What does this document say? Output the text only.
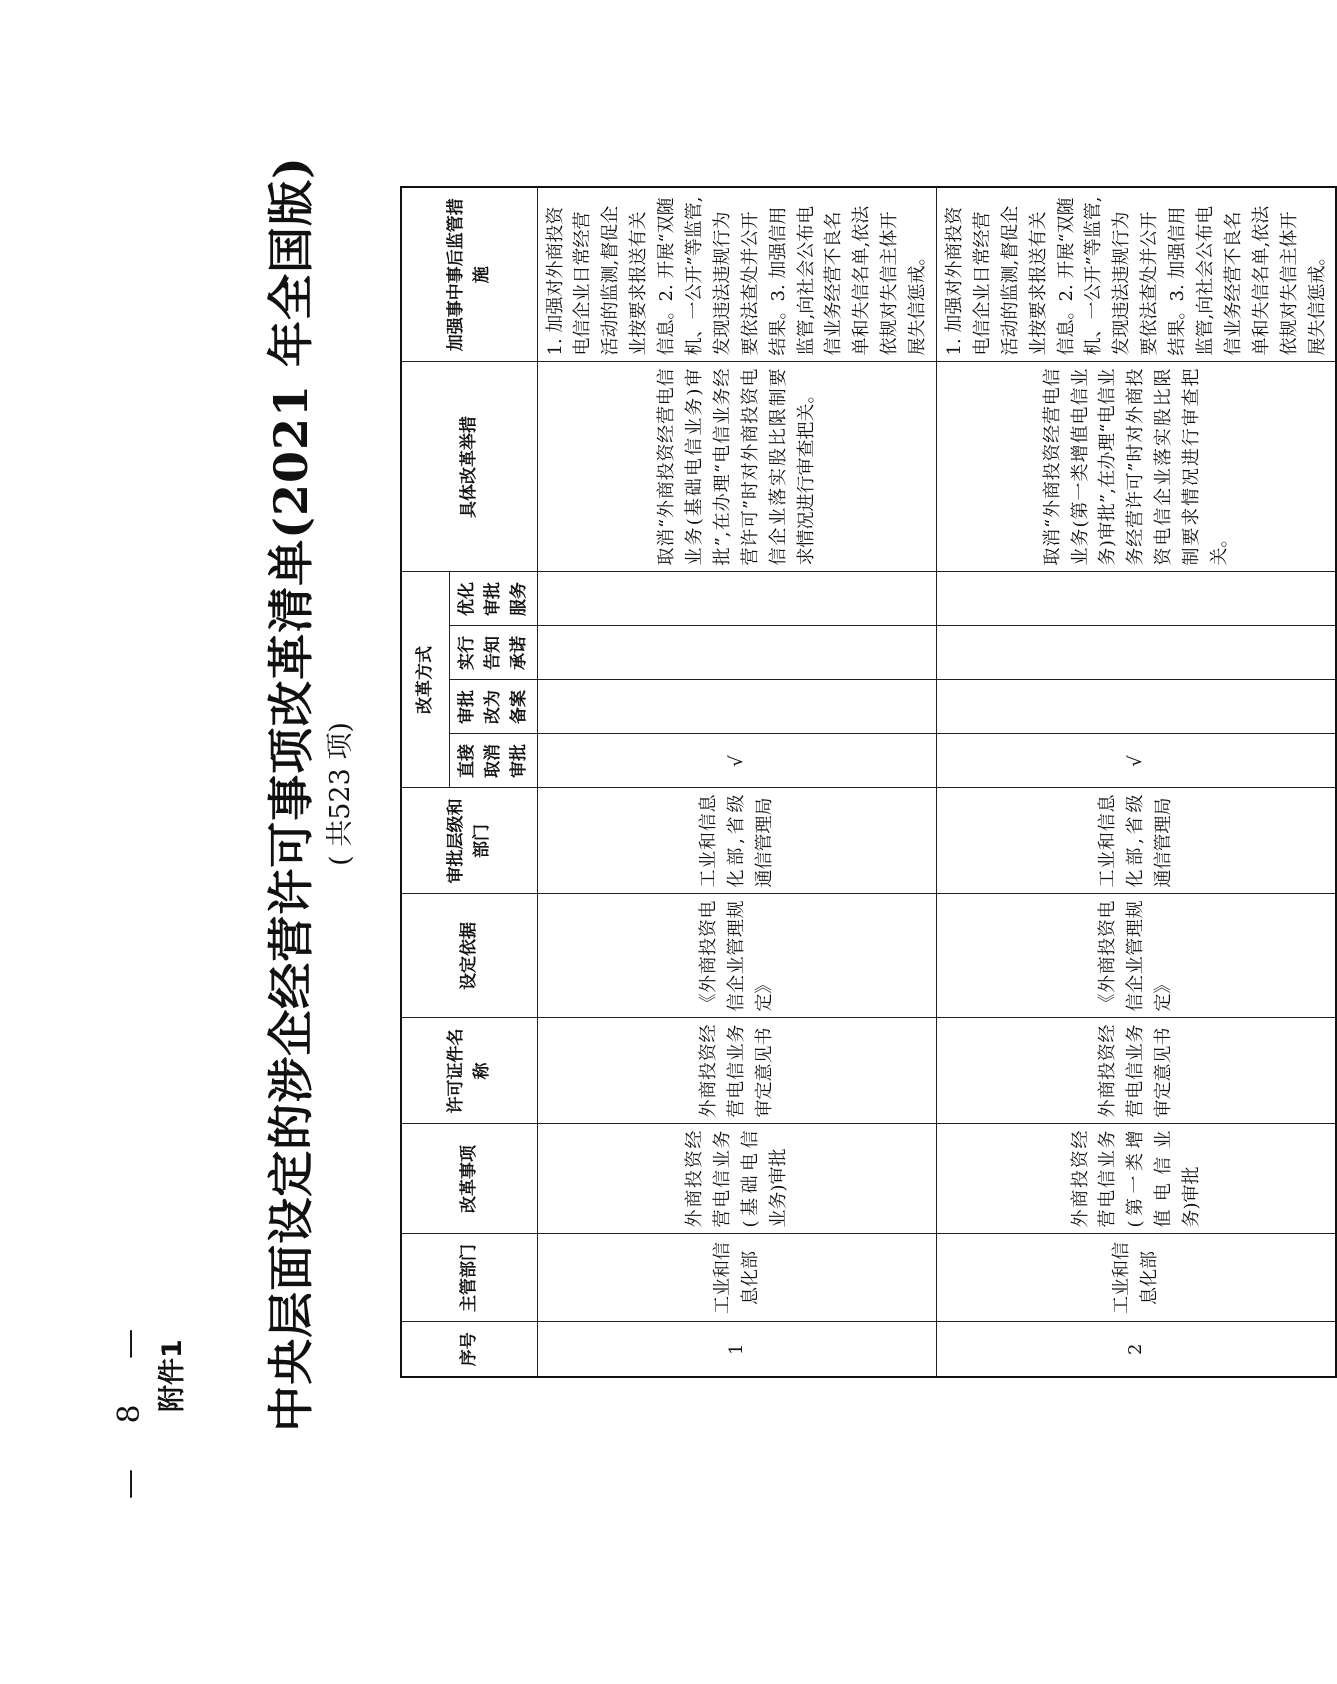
— 8 — 附件1 中央层面设定的涉企经营许可事项改革清单(2021 年全国版) ( 共523 项)
序号	主管部门	改革事项	许可证件名称	设定依据	审批层级和部门	改革方式				具体改革举措	加强事中事后监管措施
						直接取消审批	审批改为备案	实行告知承诺	优化审批服务		
1	工业和信息化部	外商投资经营电信业务(基础电信业务)审批	外商投资经营电信业务审定意见书	《外商投资电信企业管理规定》	工业和信息化部,省级通信管理局	√				取消“外商投资经营电信业务(基础电信业务)审批”,在办理“电信业务经营许可”时对外商投资电信企业落实股比限制要求情况进行审查把关。	1. 加强对外商投资电信企业日常经营活动的监测,督促企业按要求报送有关信息。2. 开展“双随机、一公开”等监管,发现违法违规行为要依法查处并公开结果。3. 加强信用监管,向社会公布电信业务经营不良名单和失信名单,依法依规对失信主体开展失信惩戒。
2	工业和信息化部	外商投资经营电信业务(第一类增值电信业务)审批	外商投资经营电信业务审定意见书	《外商投资电信企业管理规定》	工业和信息化部,省级通信管理局	√				取消“外商投资经营电信业务(第一类增值电信业务)审批”,在办理“电信业务经营许可”时对外商投资电信企业落实股比限制要求情况进行审查把关。	1. 加强对外商投资电信企业日常经营活动的监测,督促企业按要求报送有关信息。2. 开展“双随机、一公开”等监管,发现违法违规行为要依法查处并公开结果。3. 加强信用监管,向社会公布电信业务经营不良名单和失信名单,依法依规对失信主体开展失信惩戒。
